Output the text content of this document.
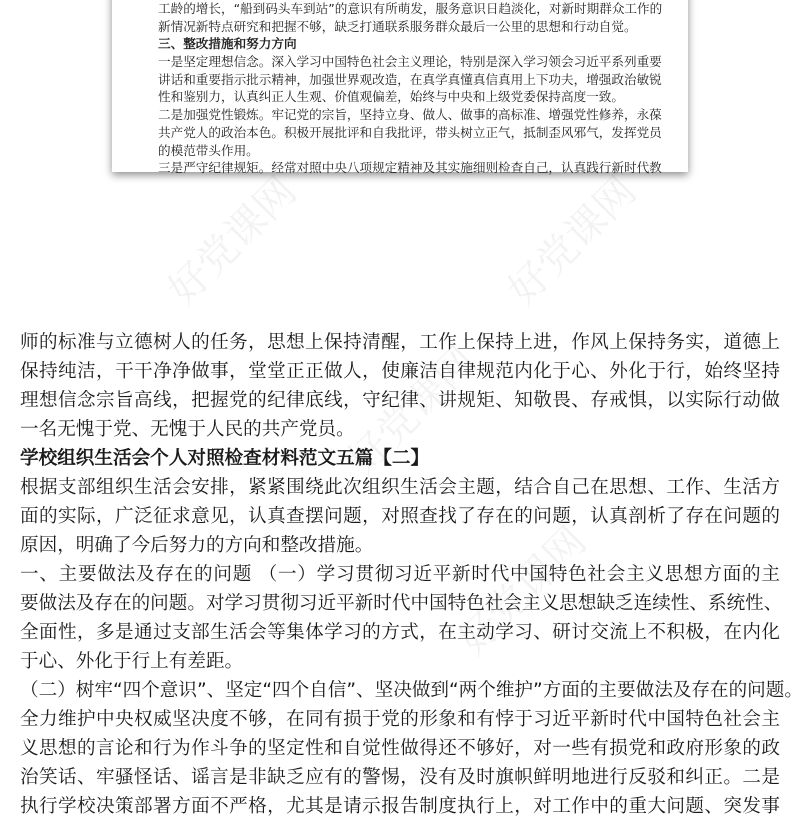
工龄的增长，“船到码头车到站”的意识有所萌发，服务意识日趋淡化，对新时期群众工作的
新情况新特点研究和把握不够，缺乏打通联系服务群众最后一公里的思想和行动自觉。
三、整改措施和努力方向
一是坚定理想信念。深入学习中国特色社会主义理论，特别是深入学习领会习近平系列重要
讲话和重要指示批示精神，加强世界观改造，在真学真懂真信真用上下功夫，增强政治敏锐
性和鉴别力，认真纠正人生观、价值观偏差，始终与中央和上级党委保持高度一致。
二是加强党性锻炼。牢记党的宗旨，坚持立身、做人、做事的高标准、增强党性修养，永葆
共产党人的政治本色。积极开展批评和自我批评，带头树立正气，抵制歪风邪气，发挥党员
的模范带头作用。
三是严守纪律规矩。经常对照中央八项规定精神及其实施细则检查自己，认真践行新时代教
好党课网	好党课网
好党课网
好党课网
师的标准与立德树人的任务，思想上保持清醒，工作上保持上进，作风上保持务实，道德上
保持纯洁，干干净净做事，堂堂正正做人，使廉洁自律规范内化于心、外化于行，始终坚持
理想信念宗旨高线，把握党的纪律底线，守纪律、讲规矩、知敬畏、存戒惧，以实际行动做
一名无愧于党、无愧于人民的共产党员。
学校组织生活会个人对照检查材料范文五篇【二】
根据支部组织生活会安排，紧紧围绕此次组织生活会主题，结合自己在思想、工作、生活方
面的实际，广泛征求意见，认真查摆问题，对照查找了存在的问题，认真剖析了存在问题的
原因，明确了今后努力的方向和整改措施。
一、主要做法及存在的问题 （一）学习贯彻习近平新时代中国特色社会主义思想方面的主
要做法及存在的问题。对学习贯彻习近平新时代中国特色社会主义思想缺乏连续性、系统性、
全面性，多是通过支部生活会等集体学习的方式，在主动学习、研讨交流上不积极，在内化
于心、外化于行上有差距。
（二）树牢“四个意识”、坚定“四个自信”、坚决做到“两个维护”方面的主要做法及存在的问题。
全力维护中央权威坚决度不够，在同有损于党的形象和有悖于习近平新时代中国特色社会主
义思想的言论和行为作斗争的坚定性和自觉性做得还不够好，对一些有损党和政府形象的政
治笑话、牢骚怪话、谣言是非缺乏应有的警惕，没有及时旗帜鲜明地进行反驳和纠正。二是
执行学校决策部署方面不严格，尤其是请示报告制度执行上，对工作中的重大问题、突发事
